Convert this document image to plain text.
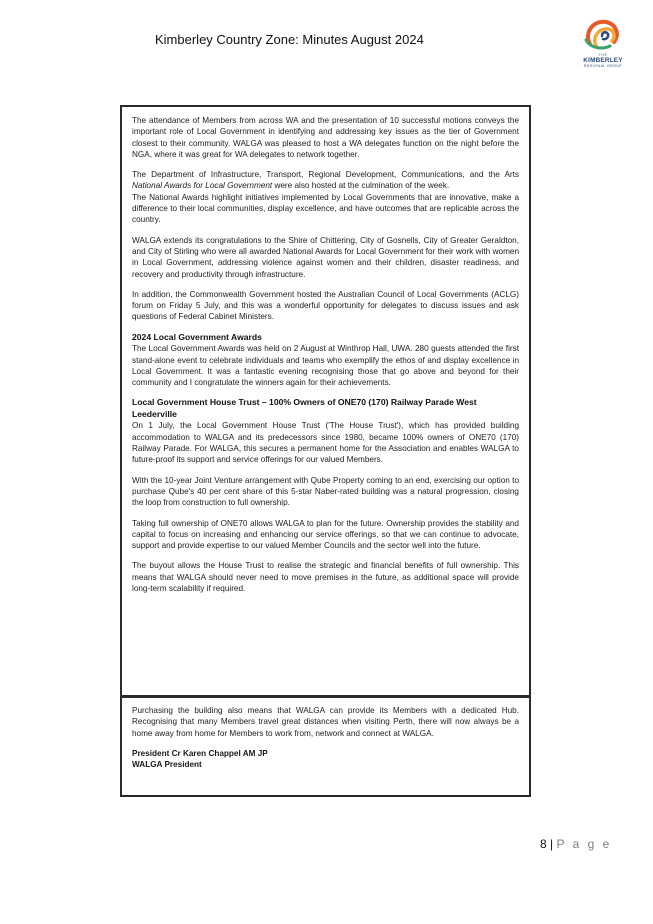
Kimberley Country Zone: Minutes August 2024
THE
KIMBERLEY
REGIONAL GROUP

The attendance of Members from across WA and the presentation of 10 successful motions conveys the important role of Local Government in identifying and addressing key issues as the tier of Government closest to their community. WALGA was pleased to host a WA delegates function on the night before the NGA, where it was great for WA delegates to network together.

The Department of Infrastructure, Transport, Regional Development, Communications, and the Arts National Awards for Local Government were also hosted at the culmination of the week.

The National Awards highlight initiatives implemented by Local Governments that are innovative, make a difference to their local communities, display excellence, and have outcomes that are replicable across the country.

WALGA extends its congratulations to the Shire of Chittering, City of Gosnells, City of Greater Geraldton, and City of Stirling who were all awarded National Awards for Local Government for their work with women in Local Government, addressing violence against women and their children, disaster readiness, and recovery and productivity through infrastructure.

In addition, the Commonwealth Government hosted the Australian Council of Local Governments (ACLG) forum on Friday 5 July, and this was a wonderful opportunity for delegates to discuss issues and ask questions of Federal Cabinet Ministers.

2024 Local Government Awards

The Local Government Awards was held on 2 August at Winthrop Hall, UWA. 280 guests attended the first stand-alone event to celebrate individuals and teams who exemplify the ethos of and display excellence in Local Government. It was a fantastic evening recognising those that go above and beyond for their community and I congratulate the winners again for their achievements.

Local Government House Trust – 100% Owners of ONE70 (170) Railway Parade West Leederville

On 1 July, the Local Government House Trust ('The House Trust'), which has provided building accommodation to WALGA and its predecessors since 1980, became 100% owners of ONE70 (170) Railway Parade. For WALGA, this secures a permanent home for the Association and enables WALGA to future-proof its support and service offerings for our valued Members.

With the 10-year Joint Venture arrangement with Qube Property coming to an end, exercising our option to purchase Qube's 40 per cent share of this 5-star Naber-rated building was a natural progression, closing the loop from construction to full ownership.

Taking full ownership of ONE70 allows WALGA to plan for the future. Ownership provides the stability and capital to focus on increasing and enhancing our service offerings, so that we can continue to advocate, support and provide expertise to our valued Member Councils and the sector well into the future.

The buyout allows the House Trust to realise the strategic and financial benefits of full ownership. This means that WALGA should never need to move premises in the future, as additional space will provide long-term scalability if required.

Purchasing the building also means that WALGA can provide its Members with a dedicated Hub. Recognising that many Members travel great distances when visiting Perth, there will now always be a home away from home for Members to work from, network and connect at WALGA.

President Cr Karen Chappel AM JP
WALGA President
8 | P a g e
